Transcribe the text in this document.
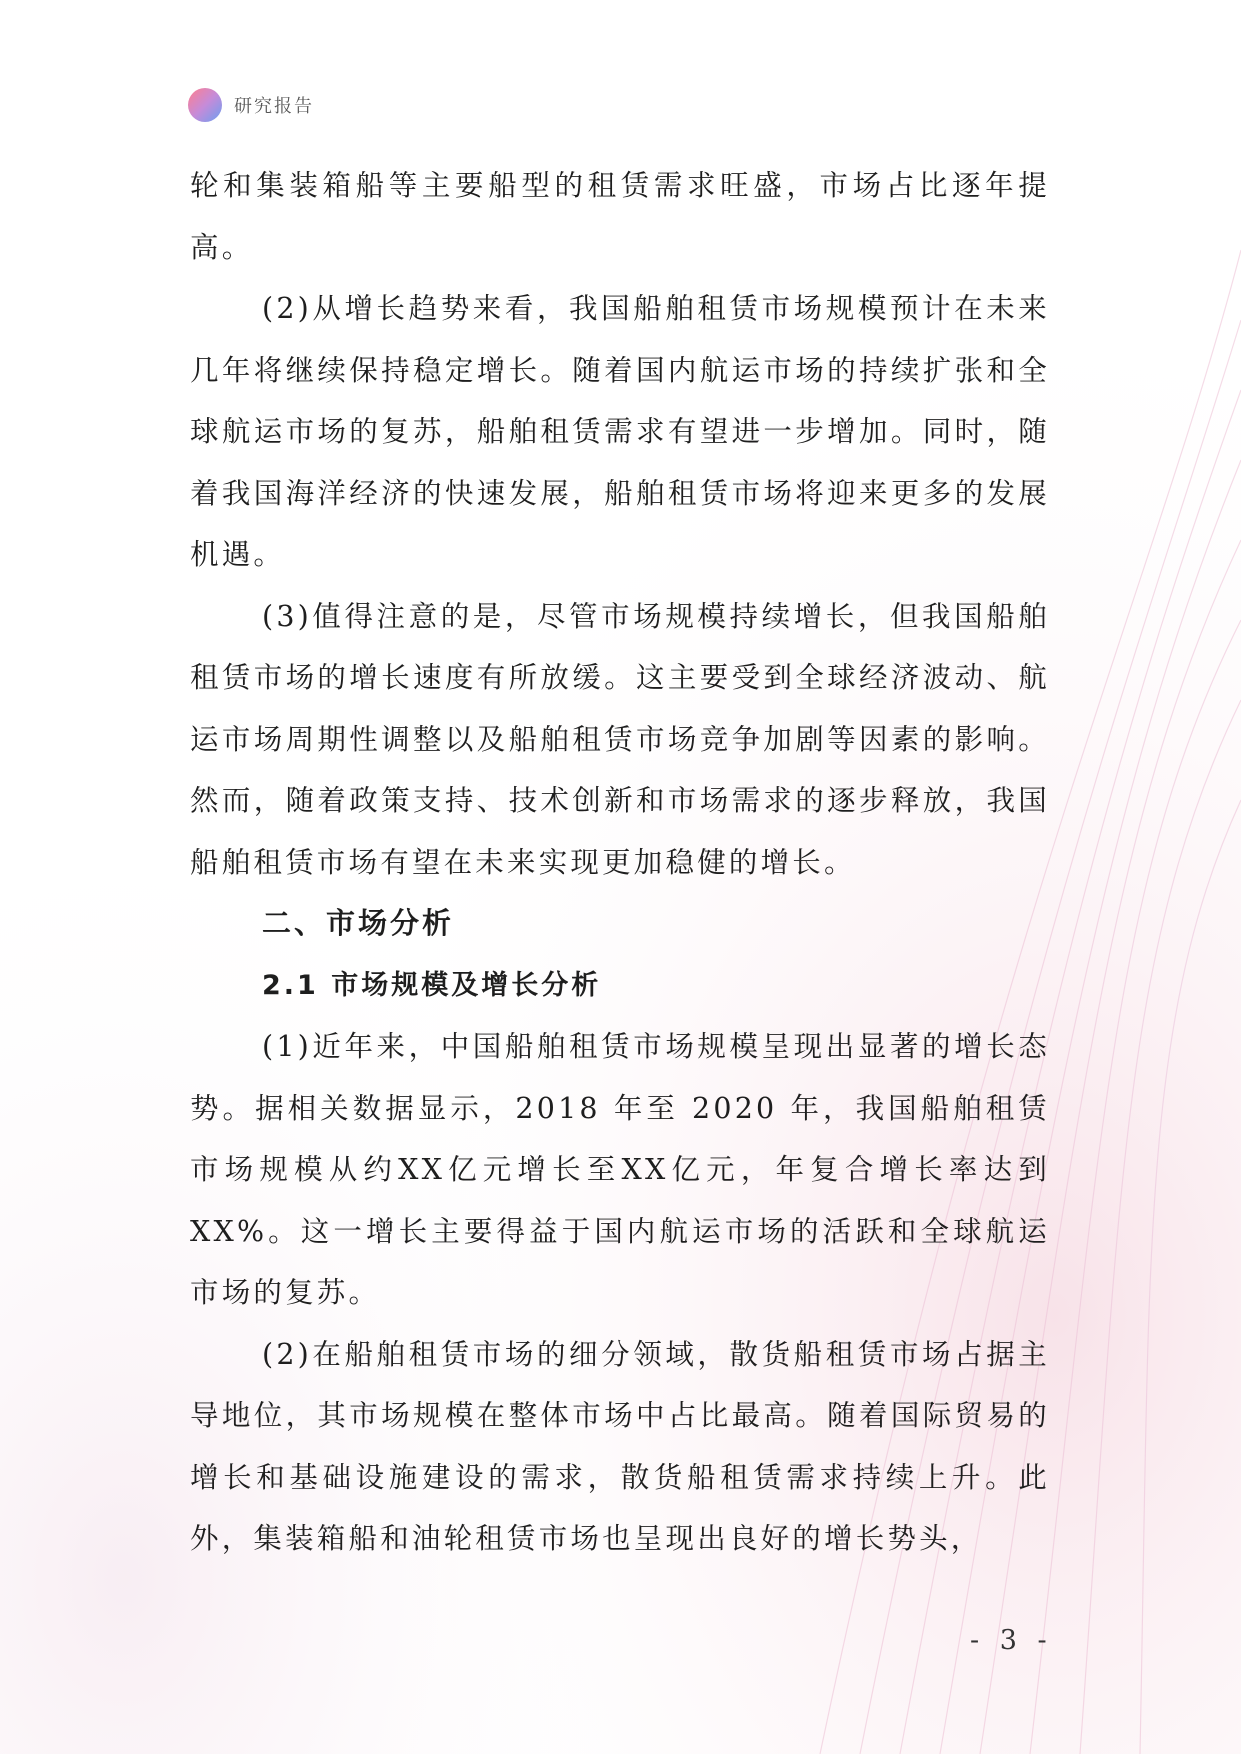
研究报告

轮和集装箱船等主要船型的租赁需求旺盛，市场占比逐年提高。

(2)从增长趋势来看，我国船舶租赁市场规模预计在未来几年将继续保持稳定增长。随着国内航运市场的持续扩张和全球航运市场的复苏，船舶租赁需求有望进一步增加。同时，随着我国海洋经济的快速发展，船舶租赁市场将迎来更多的发展机遇。

(3)值得注意的是，尽管市场规模持续增长，但我国船舶租赁市场的增长速度有所放缓。这主要受到全球经济波动、航运市场周期性调整以及船舶租赁市场竞争加剧等因素的影响。然而，随着政策支持、技术创新和市场需求的逐步释放，我国船舶租赁市场有望在未来实现更加稳健的增长。

二、市场分析
2.1 市场规模及增长分析

(1)近年来，中国船舶租赁市场规模呈现出显著的增长态势。据相关数据显示，2018 年至 2020 年，我国船舶租赁市场规模从约XX亿元增长至XX亿元，年复合增长率达到XX%。这一增长主要得益于国内航运市场的活跃和全球航运市场的复苏。

(2)在船舶租赁市场的细分领域，散货船租赁市场占据主导地位，其市场规模在整体市场中占比最高。随着国际贸易的增长和基础设施建设的需求，散货船租赁需求持续上升。此外，集装箱船和油轮租赁市场也呈现出良好的增长势头，

- 3 -
